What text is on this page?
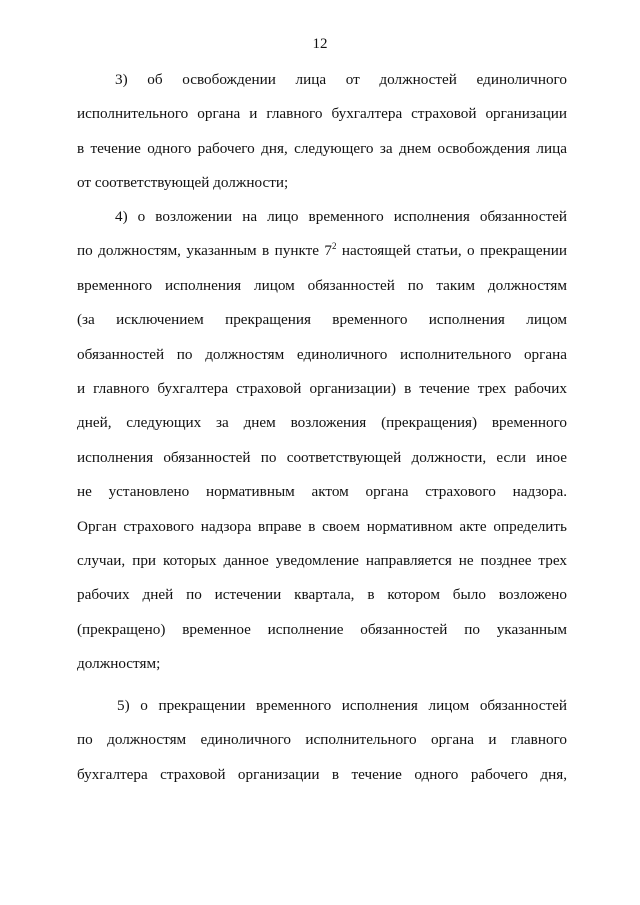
12
3) об освобождении лица от должностей единоличного
исполнительного органа и главного бухгалтера страховой организации
в течение одного рабочего дня, следующего за днем освобождения лица
от соответствующей должности;
4) о возложении на лицо временного исполнения обязанностей
по должностям, указанным в пункте $7^2$ настоящей статьи, о прекращении
временного исполнения лицом обязанностей по таким должностям
(за исключением прекращения временного исполнения лицом
обязанностей по должностям единоличного исполнительного органа
и главного бухгалтера страховой организации) в течение трех рабочих
дней, следующих за днем возложения (прекращения) временного
исполнения обязанностей по соответствующей должности, если иное
не установлено нормативным актом органа страхового надзора.
Орган страхового надзора вправе в своем нормативном акте определить
случаи, при которых данное уведомление направляется не позднее трех
рабочих дней по истечении квартала, в котором было возложено
(прекращено) временное исполнение обязанностей по указанным
должностям;
5) о прекращении временного исполнения лицом обязанностей
по должностям единоличного исполнительного органа и главного
бухгалтера страховой организации в течение одного рабочего дня,
